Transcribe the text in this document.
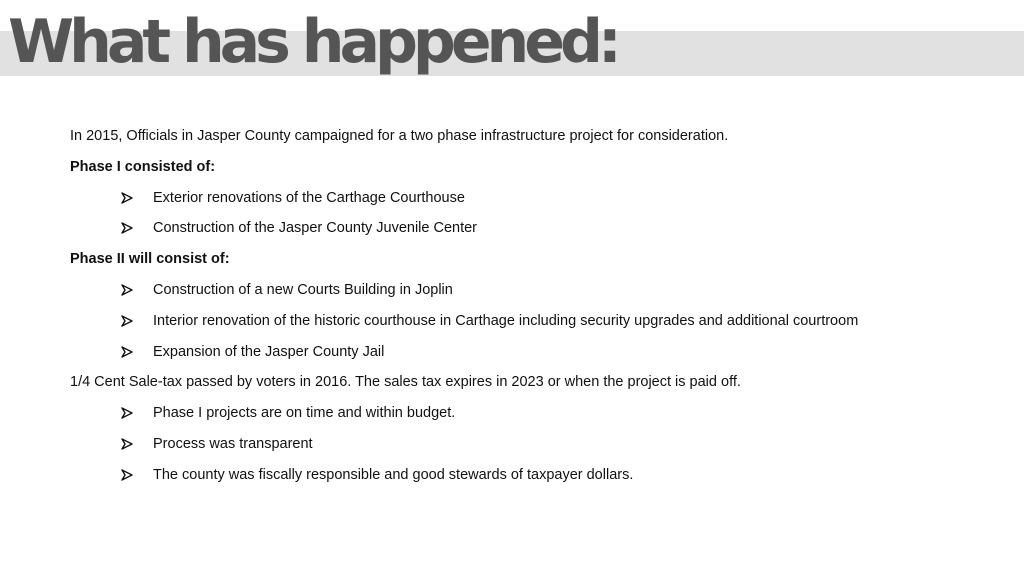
What has happened:
In 2015, Officials in Jasper County campaigned for a two phase infrastructure project for consideration.
Phase I consisted of:
Exterior renovations of the Carthage Courthouse
Construction of the Jasper County Juvenile Center
Phase II will consist of:
Construction of a new Courts Building in Joplin
Interior renovation of the historic courthouse in Carthage including security upgrades and additional courtroom
Expansion of the Jasper County Jail
1/4 Cent Sale-tax passed by voters in 2016. The sales tax expires in 2023 or when the project is paid off.
Phase I projects are on time and within budget.
Process was transparent
The county was fiscally responsible and good stewards of taxpayer dollars.
